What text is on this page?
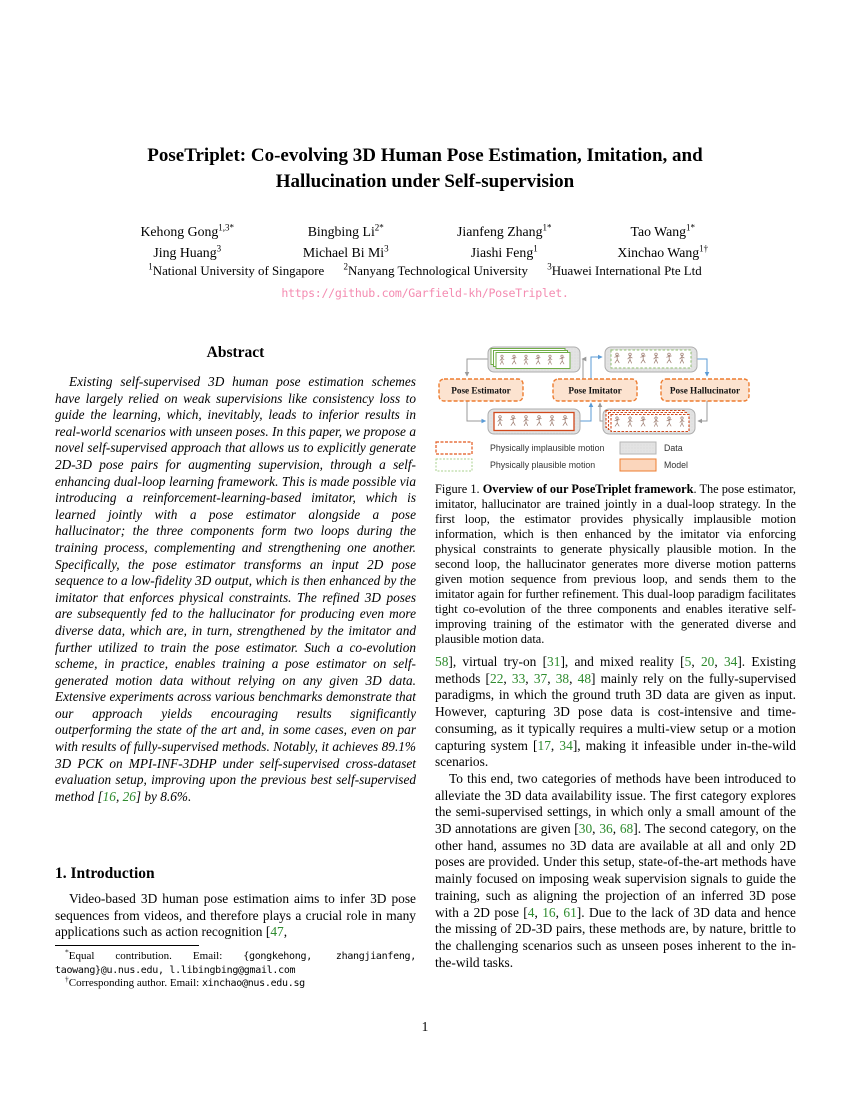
PoseTriplet: Co-evolving 3D Human Pose Estimation, Imitation, and
Hallucination under Self-supervision
Kehong Gong$^{1,3*}$	Bingbing $Li^{2*}$	Jianfeng Zhang$^{1*}$	Tao Wang$^{1*}$
Jing Huang$^3$	Michael Bi Mi$^3$	Jiashi Feng$^1$	Xinchao Wang$^{1\dagger}$
$^1$National University of Singapore $^2$Nanyang Technological University $^3$Huawei International Pte Ltd
https://github.com/Garfield-kh/PoseTriplet.
Abstract

Existing self-supervised 3D human pose estimation schemes have largely relied on weak supervisions like consistency loss to guide the learning, which, inevitably, leads to inferior results in real-world scenarios with unseen poses. In this paper, we propose a novel self-supervised approach that allows us to explicitly generate 2D-3D pose pairs for augmenting supervision, through a self-enhancing dual-loop learning framework. This is made possible via introducing a reinforcement-learning-based imitator, which is learned jointly with a pose estimator alongside a pose hallucinator; the three components form two loops during the training process, complementing and strengthening one another. Specifically, the pose estimator transforms an input 2D pose sequence to a low-fidelity 3D output, which is then enhanced by the imitator that enforces physical constraints. The refined 3D poses are subsequently fed to the hallucinator for producing even more diverse data, which are, in turn, strengthened by the imitator and further utilized to train the pose estimator. Such a co-evolution scheme, in practice, enables training a pose estimator on self-generated motion data without relying on any given 3D data. Extensive experiments across various benchmarks demonstrate that our approach yields encouraging results significantly outperforming the state of the art and, in some cases, even on par with results of fully-supervised methods. Notably, it achieves 89.1% 3D PCK on MPI-INF-3DHP under self-supervised cross-dataset evaluation setup, improving upon the previous best self-supervised method [16, 26] by 8.6%.

1. Introduction

Video-based 3D human pose estimation aims to infer 3D pose sequences from videos, and therefore plays a crucial role in many applications such as action recognition [47,

*Equal contribution. Email: {gongkehong, zhangjianfeng, taowang}@u.nus.edu, l.libingbing@gmail.com

†Corresponding author. Email: xinchao@nus.edu.sg

Pose Estimator	Pose Imitator	Pose Hallucinator
Physically implausible motion
Physically plausible motion
Data
Model
Figure 1. Overview of our PoseTriplet framework. The pose estimator, imitator, hallucinator are trained jointly in a dual-loop strategy. In the first loop, the estimator provides physically implausible motion information, which is then enhanced by the imitator via enforcing physical constraints to generate physically plausible motion. In the second loop, the hallucinator generates more diverse motion patterns given motion sequence from previous loop, and sends them to the imitator again for further refinement. This dual-loop paradigm facilitates tight co-evolution of the three components and enables iterative self-improving training of the estimator with the generated diverse and plausible motion data.

58], virtual try-on [31], and mixed reality [5, 20, 34]. Existing methods [22, 33, 37, 38, 48] mainly rely on the fully-supervised paradigms, in which the ground truth 3D data are given as input. However, capturing 3D pose data is cost-intensive and time-consuming, as it typically requires a multi-view setup or a motion capturing system [17, 34], making it infeasible under in-the-wild scenarios.

To this end, two categories of methods have been introduced to alleviate the 3D data availability issue. The first category explores the semi-supervised settings, in which only a small amount of the 3D annotations are given [30, 36, 68]. The second category, on the other hand, assumes no 3D data are available at all and only 2D poses are provided. Under this setup, state-of-the-art methods have mainly focused on imposing weak supervision signals to guide the training, such as aligning the projection of an inferred 3D pose with a 2D pose [4, 16, 61]. Due to the lack of 3D data and hence the missing of 2D-3D pairs, these methods are, by nature, brittle to the challenging scenarios such as unseen poses inherent to the in-the-wild tasks.

1
